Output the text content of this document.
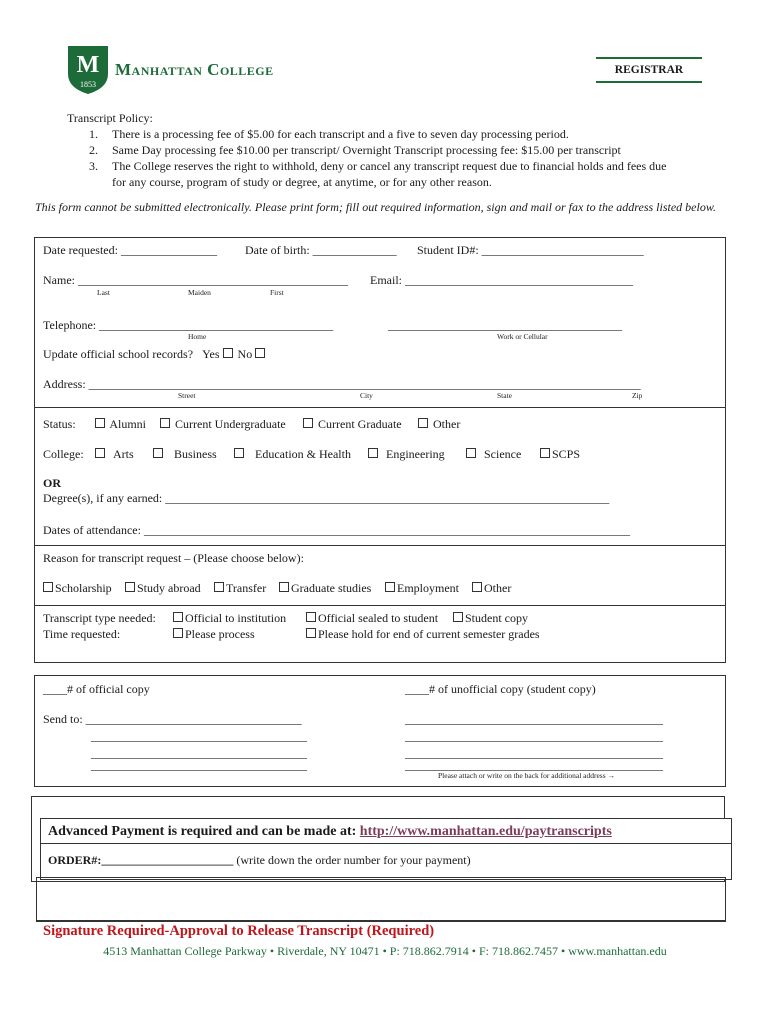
M
1853
Manhattan College	REGISTRAR
Transcript Policy:
1. There is a processing fee of $5.00 for each transcript and a five to seven day processing period.
2. Same Day processing fee $10.00 per transcript/ Overnight Transcript processing fee: $15.00 per transcript
3. The College reserves the right to withhold, deny or cancel any transcript request due to financial holds and fees due
for any course, program of study or degree, at anytime, or for any other reason.
This form cannot be submitted electronically. Please print form; fill out required information, sign and mail or fax to the address listed below.
Date requested: ________________ Date of birth: ______________ Student ID#: ___________________________
Name: _____________________________________________
Last	Maiden	First
Email: ______________________________________
Telephone: _______________________________________
Home
_______________________________________
Work or Cellular
Update official school records? Yes No
Address: ____________________________________________________________________________________________
Street	City	State	Zip
Status:	Alumni	Current Undergraduate	Current Graduate	Other
College:	Arts	Business	Education & Health	Engineering	Science	SCPS
OR
Degree(s), if any earned: __________________________________________________________________________
Dates of attendance: _________________________________________________________________________________
Reason for transcript request – (Please choose below):
Scholarship	Study abroad	Transfer	Graduate studies	Employment	Other
Transcript type needed:	Official to institution	Official sealed to student	Student copy
Time requested:	Please process	Please hold for end of current semester grades
____# of official copy	____# of unofficial copy (student copy)
Send to: ____________________________________
____________________________________
____________________________________
___________________________________________
___________________________________________
___________________________________________
____________________________________	___________________________________________
Please attach or write on the back for additional address →
Advanced Payment is required and can be made at: http://www.manhattan.edu/paytranscripts
ORDER#:______________________ (write down the order number for your payment)
Signature Required-Approval to Release Transcript (Required)
4513 Manhattan College Parkway • Riverdale, NY 10471 • P: 718.862.7914 • F: 718.862.7457 • www.manhattan.edu
